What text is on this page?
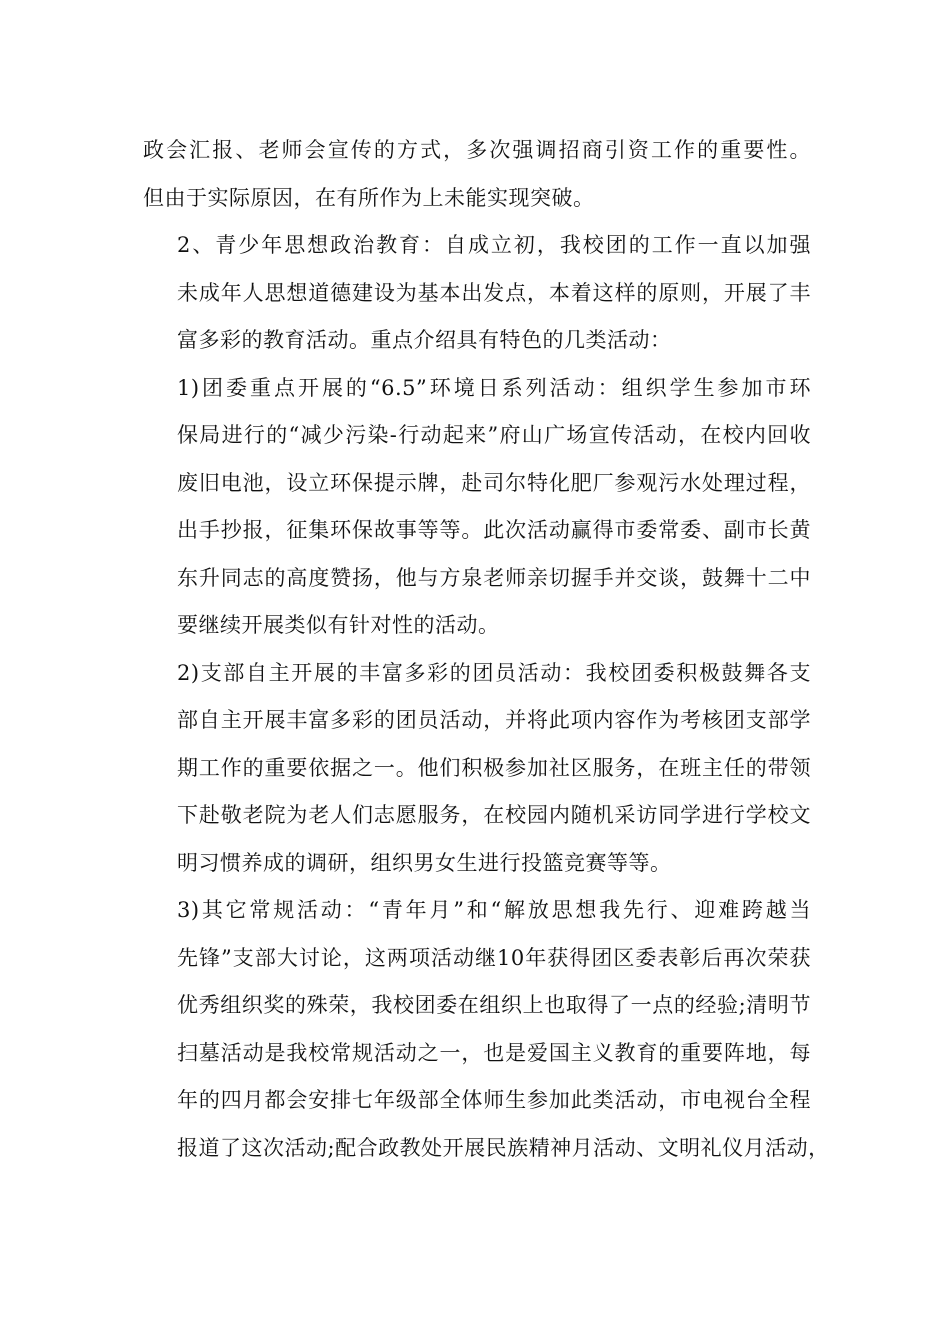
政会汇报、老师会宣传的方式，多次强调招商引资工作的重要性。
但由于实际原因，在有所作为上未能实现突破。

2、青少年思想政治教育：自成立初，我校团的工作一直以加强
未成年人思想道德建设为基本出发点，本着这样的原则，开展了丰
富多彩的教育活动。重点介绍具有特色的几类活动：

1)团委重点开展的“6.5”环境日系列活动：组织学生参加市环
保局进行的“减少污染-行动起来”府山广场宣传活动，在校内回收
废旧电池，设立环保提示牌，赴司尔特化肥厂参观污水处理过程，
出手抄报，征集环保故事等等。此次活动赢得市委常委、副市长黄
东升同志的高度赞扬，他与方泉老师亲切握手并交谈，鼓舞十二中
要继续开展类似有针对性的活动。

2)支部自主开展的丰富多彩的团员活动：我校团委积极鼓舞各支
部自主开展丰富多彩的团员活动，并将此项内容作为考核团支部学
期工作的重要依据之一。他们积极参加社区服务，在班主任的带领
下赴敬老院为老人们志愿服务，在校园内随机采访同学进行学校文
明习惯养成的调研，组织男女生进行投篮竞赛等等。

3)其它常规活动：“青年月”和“解放思想我先行、迎难跨越当
先锋”支部大讨论，这两项活动继10年获得团区委表彰后再次荣获
优秀组织奖的殊荣，我校团委在组织上也取得了一点的经验;清明节
扫墓活动是我校常规活动之一，也是爱国主义教育的重要阵地，每
年的四月都会安排七年级部全体师生参加此类活动，市电视台全程
报道了这次活动;配合政教处开展民族精神月活动、文明礼仪月活动，
